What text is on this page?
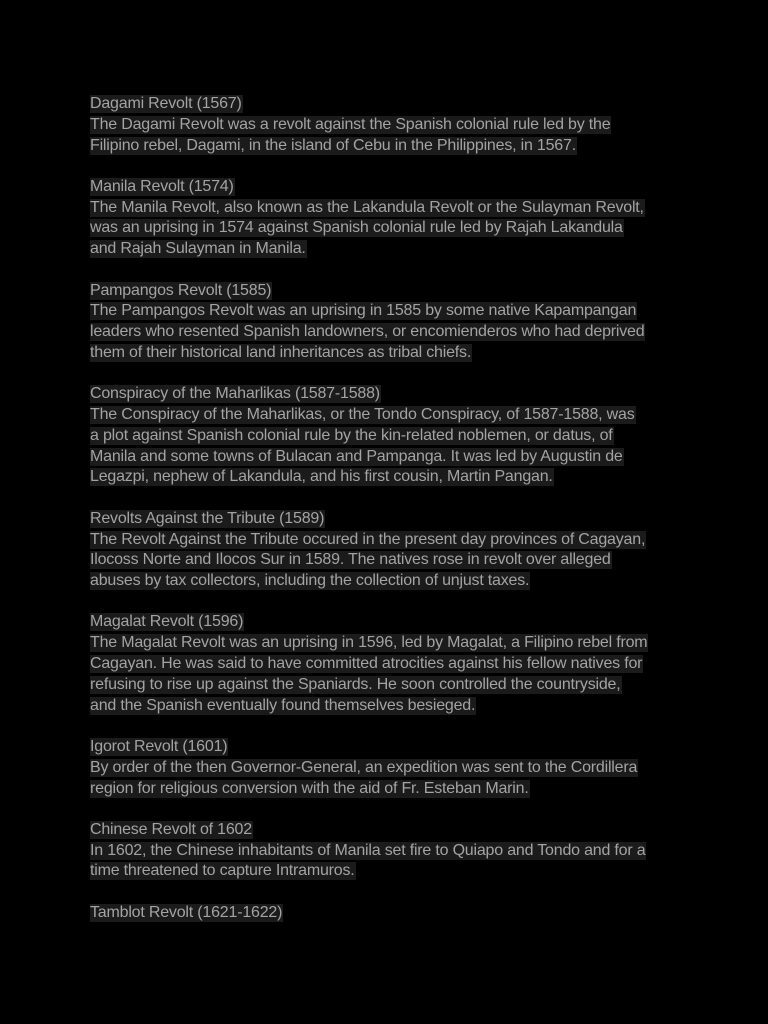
Dagami Revolt (1567)
The Dagami Revolt was a revolt against the Spanish colonial rule led by the
Filipino rebel, Dagami, in the island of Cebu in the Philippines, in 1567.
Manila Revolt (1574)
The Manila Revolt, also known as the Lakandula Revolt or the Sulayman Revolt,
was an uprising in 1574 against Spanish colonial rule led by Rajah Lakandula
and Rajah Sulayman in Manila.
Pampangos Revolt (1585)
The Pampangos Revolt was an uprising in 1585 by some native Kapampangan
leaders who resented Spanish landowners, or encomienderos who had deprived
them of their historical land inheritances as tribal chiefs.
Conspiracy of the Maharlikas (1587-1588)
The Conspiracy of the Maharlikas, or the Tondo Conspiracy, of 1587-1588, was
a plot against Spanish colonial rule by the kin-related noblemen, or datus, of
Manila and some towns of Bulacan and Pampanga. It was led by Augustin de
Legazpi, nephew of Lakandula, and his first cousin, Martin Pangan.
Revolts Against the Tribute (1589)
The Revolt Against the Tribute occured in the present day provinces of Cagayan,
Ilocoss Norte and Ilocos Sur in 1589. The natives rose in revolt over alleged
abuses by tax collectors, including the collection of unjust taxes.
Magalat Revolt (1596)
The Magalat Revolt was an uprising in 1596, led by Magalat, a Filipino rebel from
Cagayan. He was said to have committed atrocities against his fellow natives for
refusing to rise up against the Spaniards. He soon controlled the countryside,
and the Spanish eventually found themselves besieged.
Igorot Revolt (1601)
By order of the then Governor-General, an expedition was sent to the Cordillera
region for religious conversion with the aid of Fr. Esteban Marin.
Chinese Revolt of 1602
In 1602, the Chinese inhabitants of Manila set fire to Quiapo and Tondo and for a
time threatened to capture Intramuros.
Tamblot Revolt (1621-1622)
